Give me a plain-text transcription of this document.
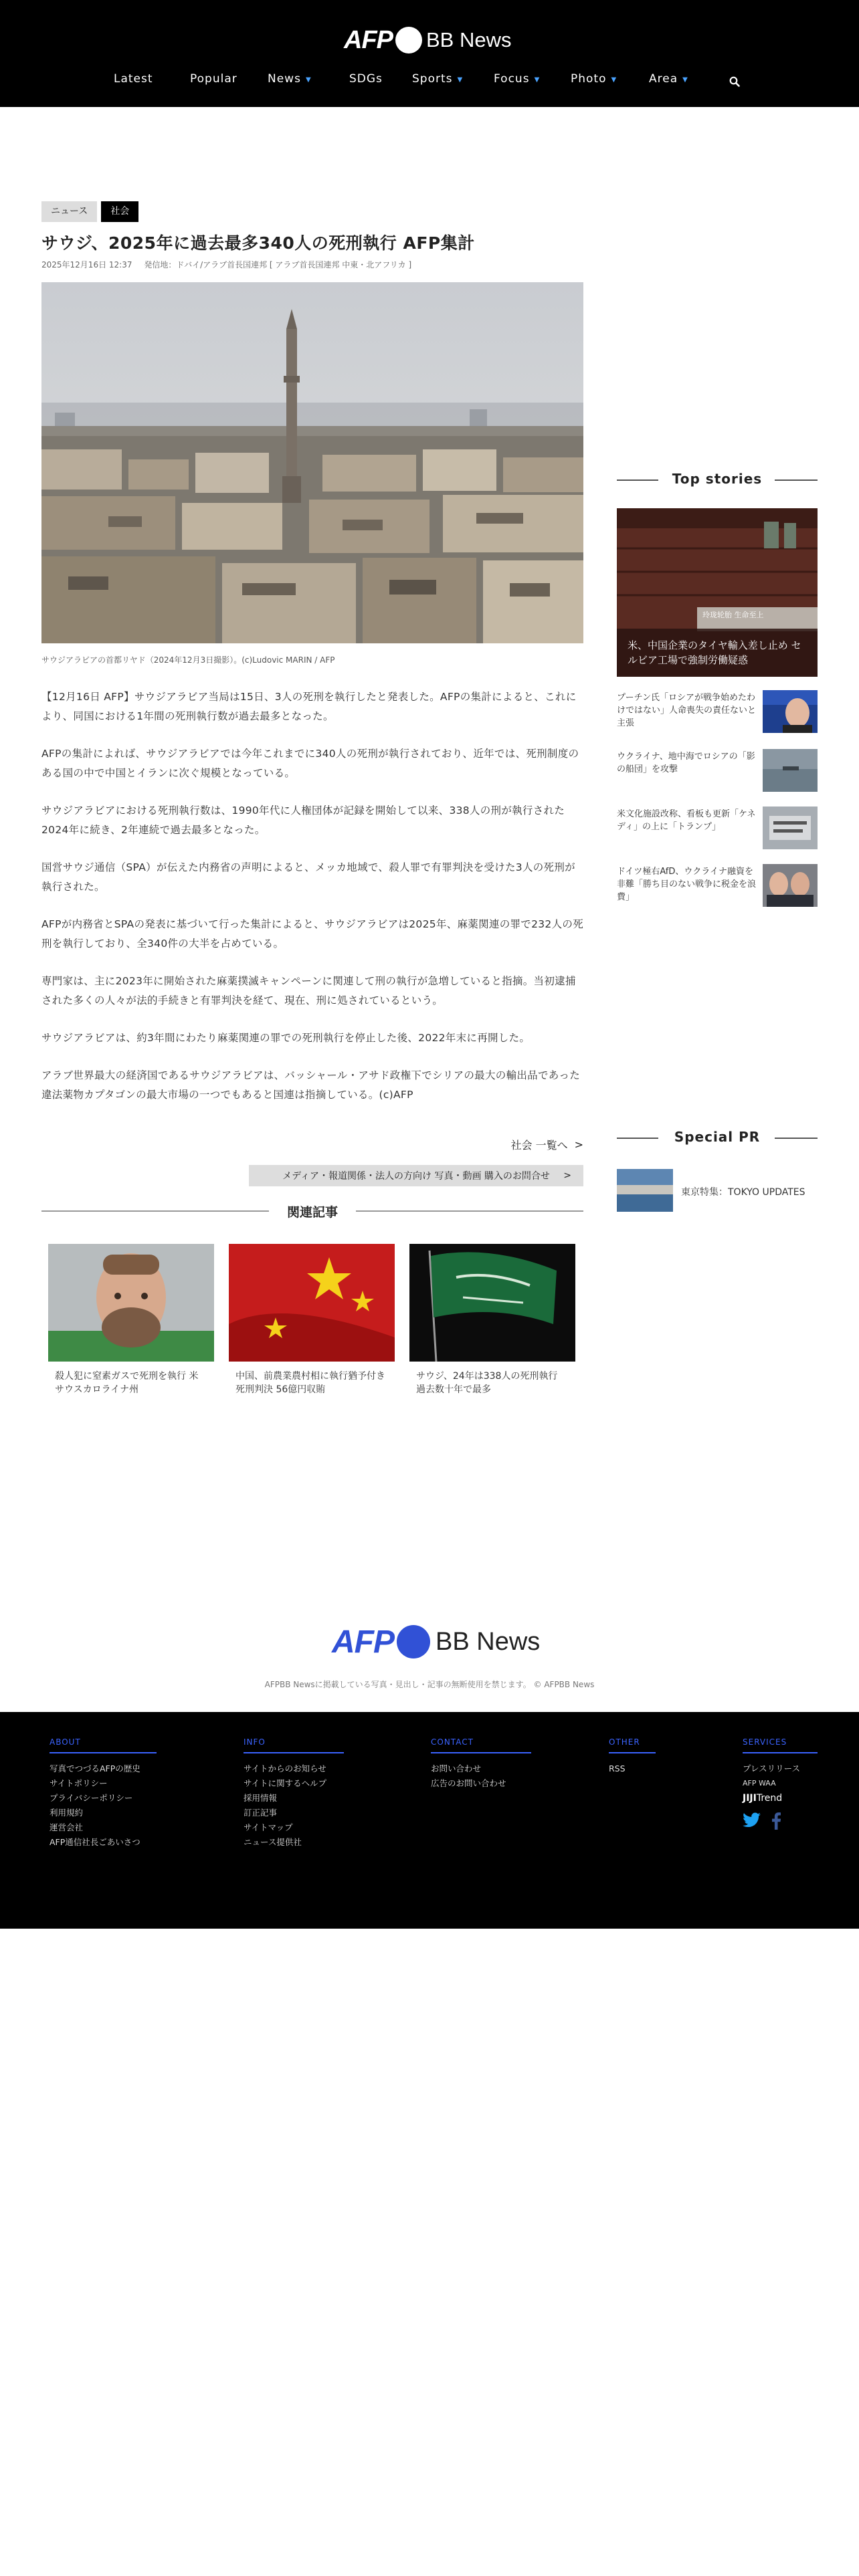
AFP BB News
Latest	Popular	News ▼	SDGs	Sports ▼	Focus ▼	Photo ▼	Area ▼
ニュース	社会
サウジ、2025年に過去最多340人の死刑執行 AFP集計
2025年12月16日 12:37 発信地：ドバイ/アラブ首長国連邦 [ アラブ首長国連邦 中東・北アフリカ ]
サウジアラビアの首都リヤド（2024年12月3日撮影）。(c)Ludovic MARIN / AFP

【12月16日 AFP】サウジアラビア当局は15日、3人の死刑を執行したと発表した。AFPの集計によると、これにより、同国における1年間の死刑執行数が過去最多となった。

AFPの集計によれば、サウジアラビアでは今年これまでに340人の死刑が執行されており、近年では、死刑制度のある国の中で中国とイランに次ぐ規模となっている。

サウジアラビアにおける死刑執行数は、1990年代に人権団体が記録を開始して以来、338人の刑が執行された2024年に続き、2年連続で過去最多となった。

国営サウジ通信（SPA）が伝えた内務省の声明によると、メッカ地域で、殺人罪で有罪判決を受けた3人の死刑が執行された。

AFPが内務省とSPAの発表に基づいて行った集計によると、サウジアラビアは2025年、麻薬関連の罪で232人の死刑を執行しており、全340件の大半を占めている。

専門家は、主に2023年に開始された麻薬撲滅キャンペーンに関連して刑の執行が急増していると指摘。当初逮捕された多くの人々が法的手続きと有罪判決を経て、現在、刑に処されているという。

サウジアラビアは、約3年間にわたり麻薬関連の罪での死刑執行を停止した後、2022年末に再開した。

アラブ世界最大の経済国であるサウジアラビアは、バッシャール・アサド政権下でシリアの最大の輸出品であった違法薬物カプタゴンの最大市場の一つでもあると国連は指摘している。(c)AFP

社会 一覧へ >
メディア・報道関係・法人の方向け 写真・動画 購入のお問合せ >
関連記事
殺人犯に窒素ガスで死刑を執行 米サウスカロライナ州
中国、前農業農村相に執行猶予付き死刑判決 56億円収賄
サウジ、24年は338人の死刑執行 過去数十年で最多
Top stories
玲珑轮胎 生命至上
米、中国企業のタイヤ輸入差し止め セルビア工場で強制労働疑惑
プーチン氏「ロシアが戦争始めたわけではない」人命喪失の責任ないと主張
ウクライナ、地中海でロシアの「影の船団」を攻撃
米文化施設改称、看板も更新「ケネディ」の上に「トランプ」
ドイツ極右AfD、ウクライナ融資を非難「勝ち目のない戦争に税金を浪費」
Special PR
東京特集：TOKYO UPDATES
AFP BB News
AFPBB Newsに掲載している写真・見出し・記事の無断使用を禁じます。 © AFPBB News
ABOUT
写真でつづるAFPの歴史
サイトポリシー
プライバシーポリシー
利用規約
運営会社
AFP通信社長ごあいさつ
INFO
サイトからのお知らせ
サイトに関するヘルプ
採用情報
訂正記事
サイトマップ
ニュース提供社
CONTACT
お問い合わせ
広告のお問い合わせ
OTHER
RSS
SERVICES
プレスリリース
AFP WAA
JIJITrend
